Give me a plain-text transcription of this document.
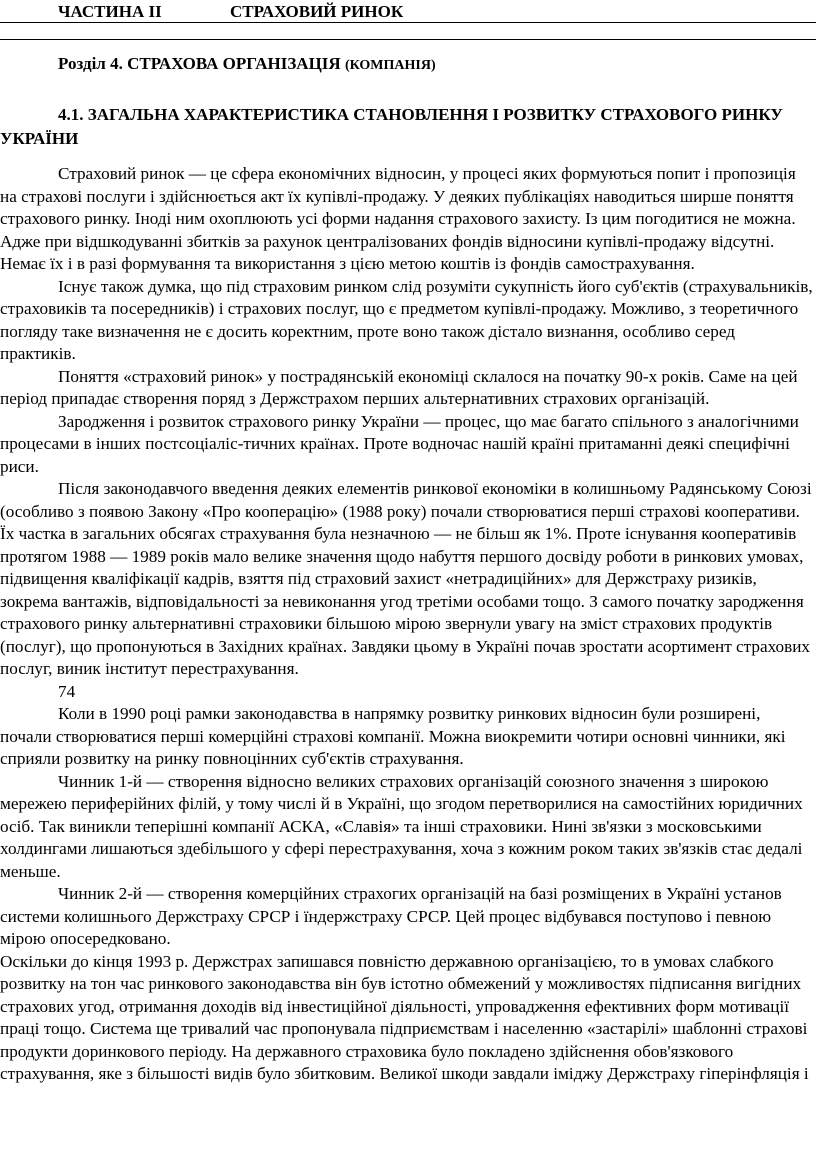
ЧАСТИНА II	СТРАХОВИЙ РИНОК
Розділ 4. СТРАХОВА ОРГАНІЗАЦІЯ (КОМПАНІЯ)
4.1. ЗАГАЛЬНА ХАРАКТЕРИСТИКА СТАНОВЛЕННЯ І РОЗВИТКУ СТРАХОВОГО РИНКУ УКРАЇНИ

Страховий ринок — це сфера економічних відносин, у процесі яких формуються попит і пропозиція на страхові послуги і здійснюється акт їх купівлі-продажу. У деяких публікаціях наводиться ширше поняття страхового ринку. Іноді ним охоплюють усі форми надання страхового захисту. Із цим погодитися не можна. Адже при відшкодуванні збитків за рахунок централізованих фондів відносини купівлі-продажу відсутні. Немає їх і в разі формування та використання з цією метою коштів із фондів самострахування.

Існує також думка, що під страховим ринком слід розуміти сукупність його суб'єктів (страхувальників, страховиків та посередників) і страхових послуг, що є предметом купівлі-продажу. Можливо, з теоретичного погляду таке визначення не є досить коректним, проте воно також дістало визнання, особливо серед практиків.

Поняття «страховий ринок» у пострадянській економіці склалося на початку 90-х років. Саме на цей період припадає створення поряд з Держстрахом перших альтернативних страхових організацій.

Зародження і розвиток страхового ринку України — процес, що має багато спільного з аналогічними процесами в інших постсоціаліс-тичних країнах. Проте водночас нашій країні притаманні деякі специфічні риси.

Після законодавчого введення деяких елементів ринкової економіки в колишньому Радянському Союзі (особливо з появою Закону «Про кооперацію» (1988 року) почали створюватися перші страхові кооперативи. Їх частка в загальних обсягах страхування була незначною — не більш як 1%. Проте існування кооперативів протягом 1988 — 1989 років мало велике значення щодо набуття першого досвіду роботи в ринкових умовах, підвищення кваліфікації кадрів, взяття під страховий захист «нетрадиційних» для Держстраху ризиків, зокрема вантажів, відповідальності за невиконання угод третіми особами тощо. З самого початку зародження страхового ринку альтернативні страховики більшою мірою звернули увагу на зміст страхових продуктів (послуг), що пропонуються в Західних країнах. Завдяки цьому в Україні почав зростати асортимент страхових послуг, виник інститут перестрахування.

74

Коли в 1990 році рамки законодавства в напрямку розвитку ринкових відносин були розширені, почали створюватися перші комерційні страхові компанії. Можна виокремити чотири основні чинники, які сприяли розвитку на ринку повноцінних суб'єктів страхування.

Чинник 1-й — створення відносно великих страхових організацій союзного значення з широкою мережею периферійних філій, у тому числі й в Україні, що згодом перетворилися на самостійних юридичних осіб. Так виникли теперішні компанії АСКА, «Славія» та інші страховики. Нині зв'язки з московськими холдингами лишаються здебільшого у сфері перестрахування, хоча з кожним роком таких зв'язків стає дедалі меньше.

Чинник 2-й — створення комерційних страхогих організацій на базі розміщених в Україні установ системи колишнього Держстраху СРСР і їндержстраху СРСР. Цей процес відбувався поступово і певною мірою опосередковано.

Оскільки до кінця 1993 р. Держстрах запишався повністю державною організацією, то в умовах слабкого розвитку на тон час ринкового законодавства він був істотно обмежений у можливостях підписання вигідних страхових угод, отримання доходів від інвестиційної діяльності, упровадження ефективних форм мотивації праці тощо. Система ще тривалий час пропонувала підприємствам і населенню «застарілі» шаблонні страхові продукти доринкового періоду. На державного страховика було покладено здійснення обов'язкового страхування, яке з більшості видів було збитковим. Великої шкоди завдали іміджу Держстраху гіперінфляція і
